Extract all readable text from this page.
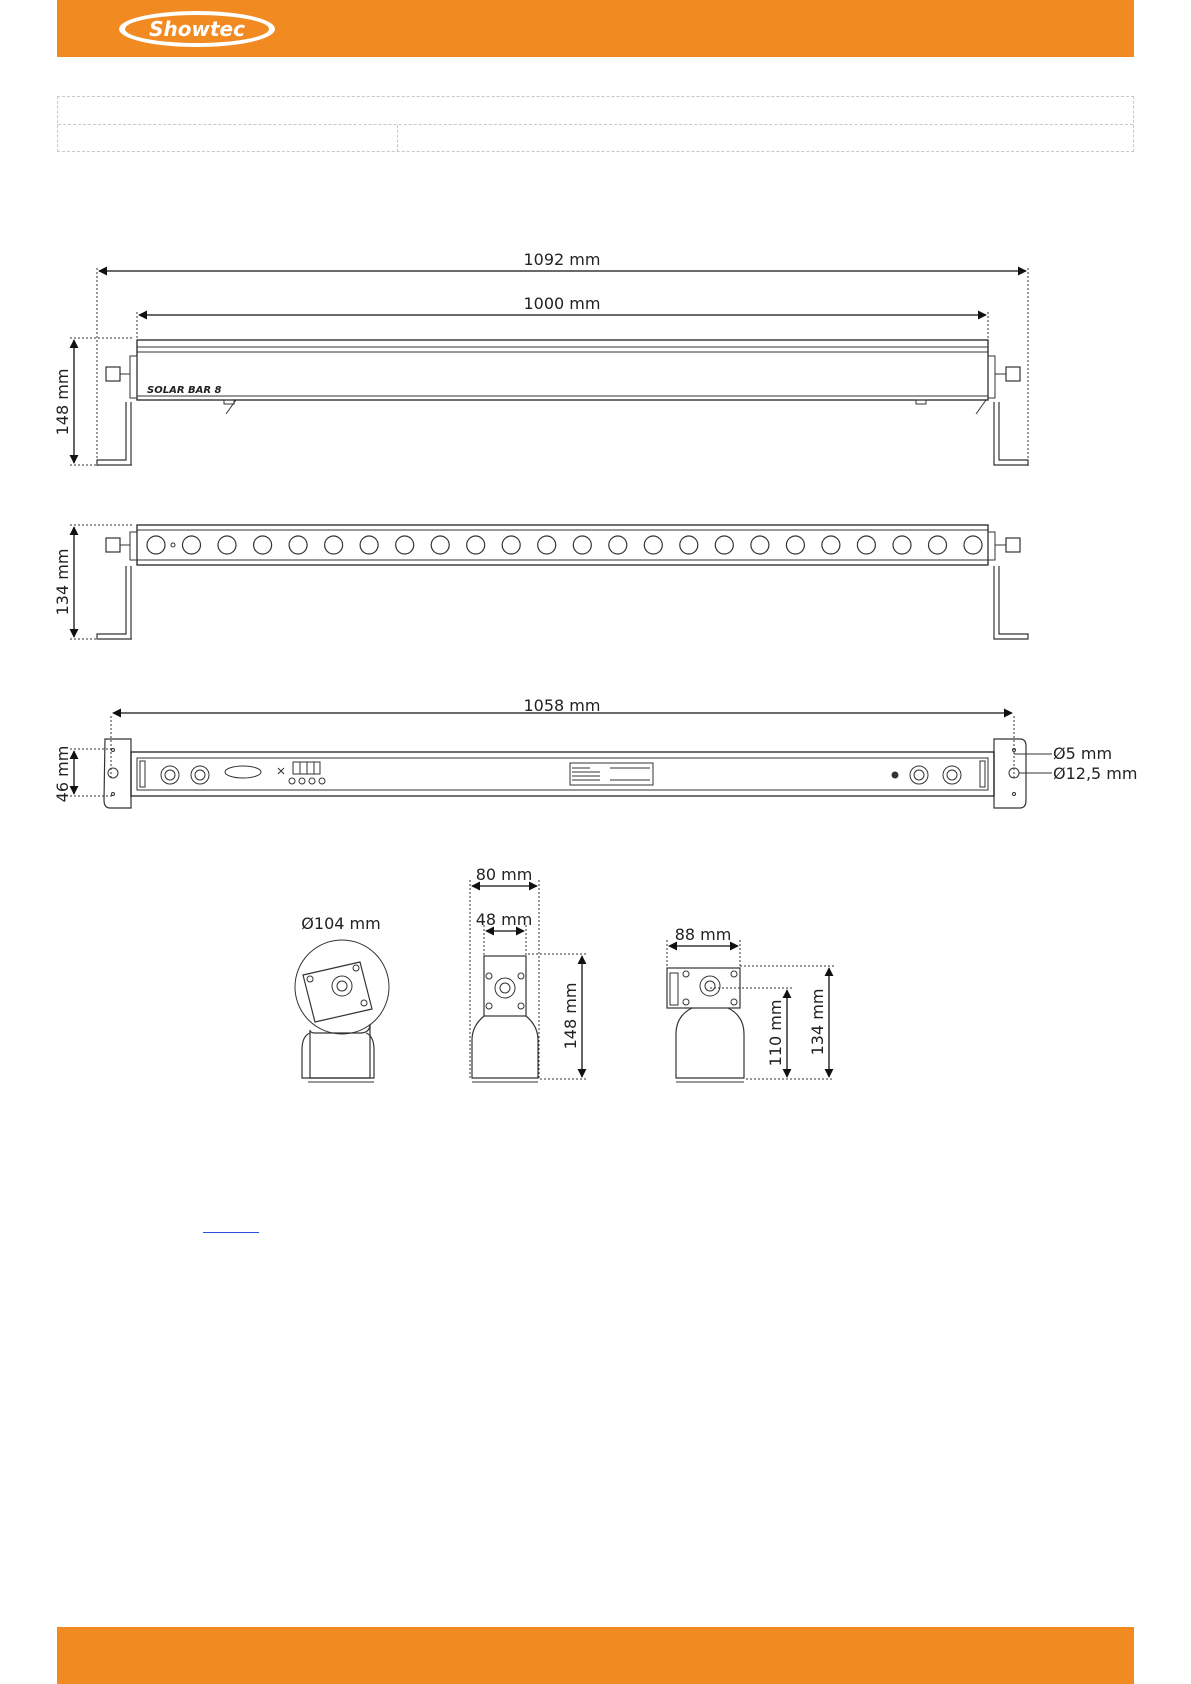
Showtec
1092 mm
1000 mm
148 mm	SOLAR BAR 8
134 mm
1058 mm
46 mm	Ø5 mm
Ø12,5 mm
Ø104 mm
80 mm
48 mm
148 mm
88 mm
110 mm 134 mm
